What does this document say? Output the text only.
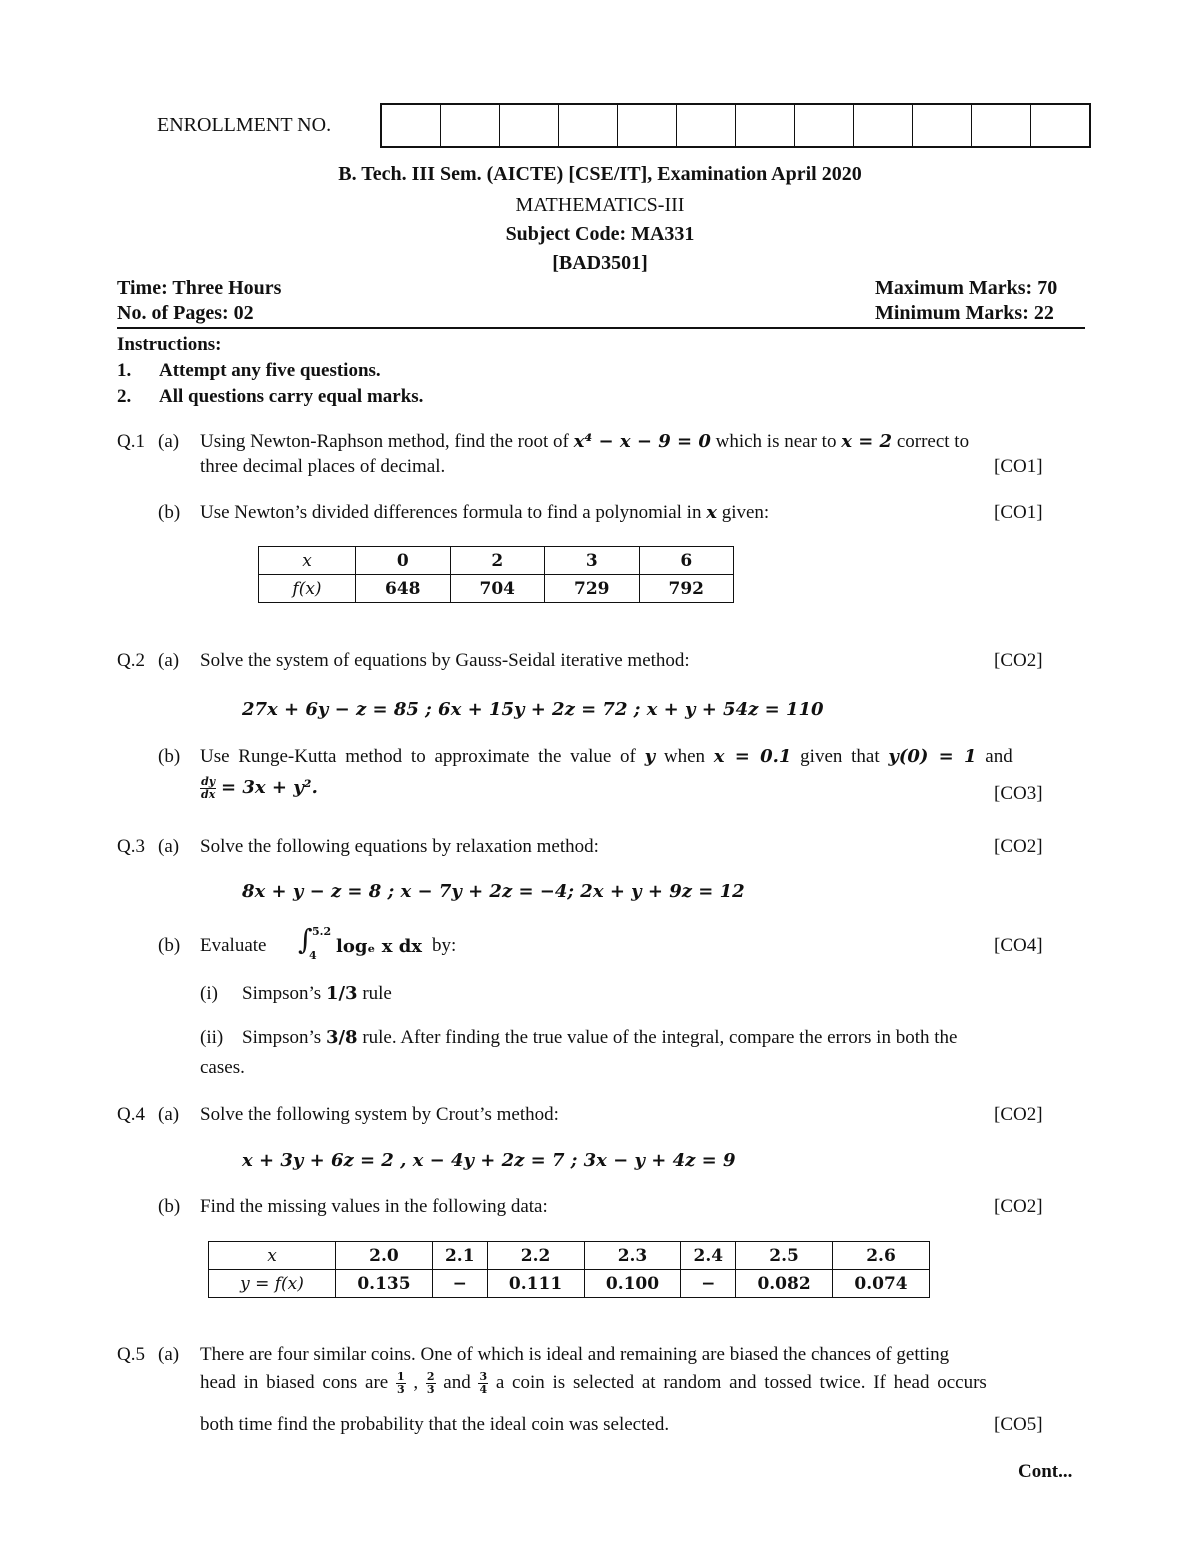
ENROLLMENT NO.
B. Tech. III Sem. (AICTE) [CSE/IT], Examination April 2020
MATHEMATICS-III
Subject Code: MA331
[BAD3501]
Time: Three Hours
No. of Pages: 02
Maximum Marks: 70
Minimum Marks: 22
Instructions:
1. Attempt any five questions.
2. All questions carry equal marks.
Q.1 (a) Using Newton-Raphson method, find the root of x⁴ − x − 9 = 0 which is near to x = 2 correct to
three decimal places of decimal.	[CO1]
(b) Use Newton’s divided differences formula to find a polynomial in x given:	[CO1]
x	0	2	3	6
f(x)	648	704	729	792
Q.2 (a) Solve the system of equations by Gauss-Seidal iterative method:	[CO2]
27x + 6y − z = 85 ; 6x + 15y + 2z = 72 ; x + y + 54z = 110
(b) Use Runge-Kutta method to approximate the value of y when x = 0.1 given that y(0) = 1 and
$\frac{dy}{dx} = 3x + y^2$.	[CO3]
Q.3 (a) Solve the following equations by relaxation method:	[CO2]
8x + y − z = 8 ; x − 7y + 2z = −4; 2x + y + 9z = 12
(b) Evaluate ∫ 5.2
4 logₑ x dx by:	[CO4]
(i) Simpson’s 1/3 rule
(ii) Simpson’s 3/8 rule. After finding the true value of the integral, compare the errors in both the
cases.
Q.4 (a) Solve the following system by Crout’s method:	[CO2]
x + 3y + 6z = 2 , x − 4y + 2z = 7 ; 3x − y + 4z = 9
(b) Find the missing values in the following data:	[CO2]
x	2.0	2.1	2.2	2.3	2.4	2.5	2.6
y = f(x)	0.135	−	0.111	0.100	−	0.082	0.074
Q.5 (a) There are four similar coins. One of which is ideal and remaining are biased the chances of getting
head in biased cons are $\frac{1}{3}$ , $\frac{2}{3}$ and $\frac{3}{4}$ a coin is selected at random and tossed twice. If head occurs
both time find the probability that the ideal coin was selected.	[CO5]
Cont...
